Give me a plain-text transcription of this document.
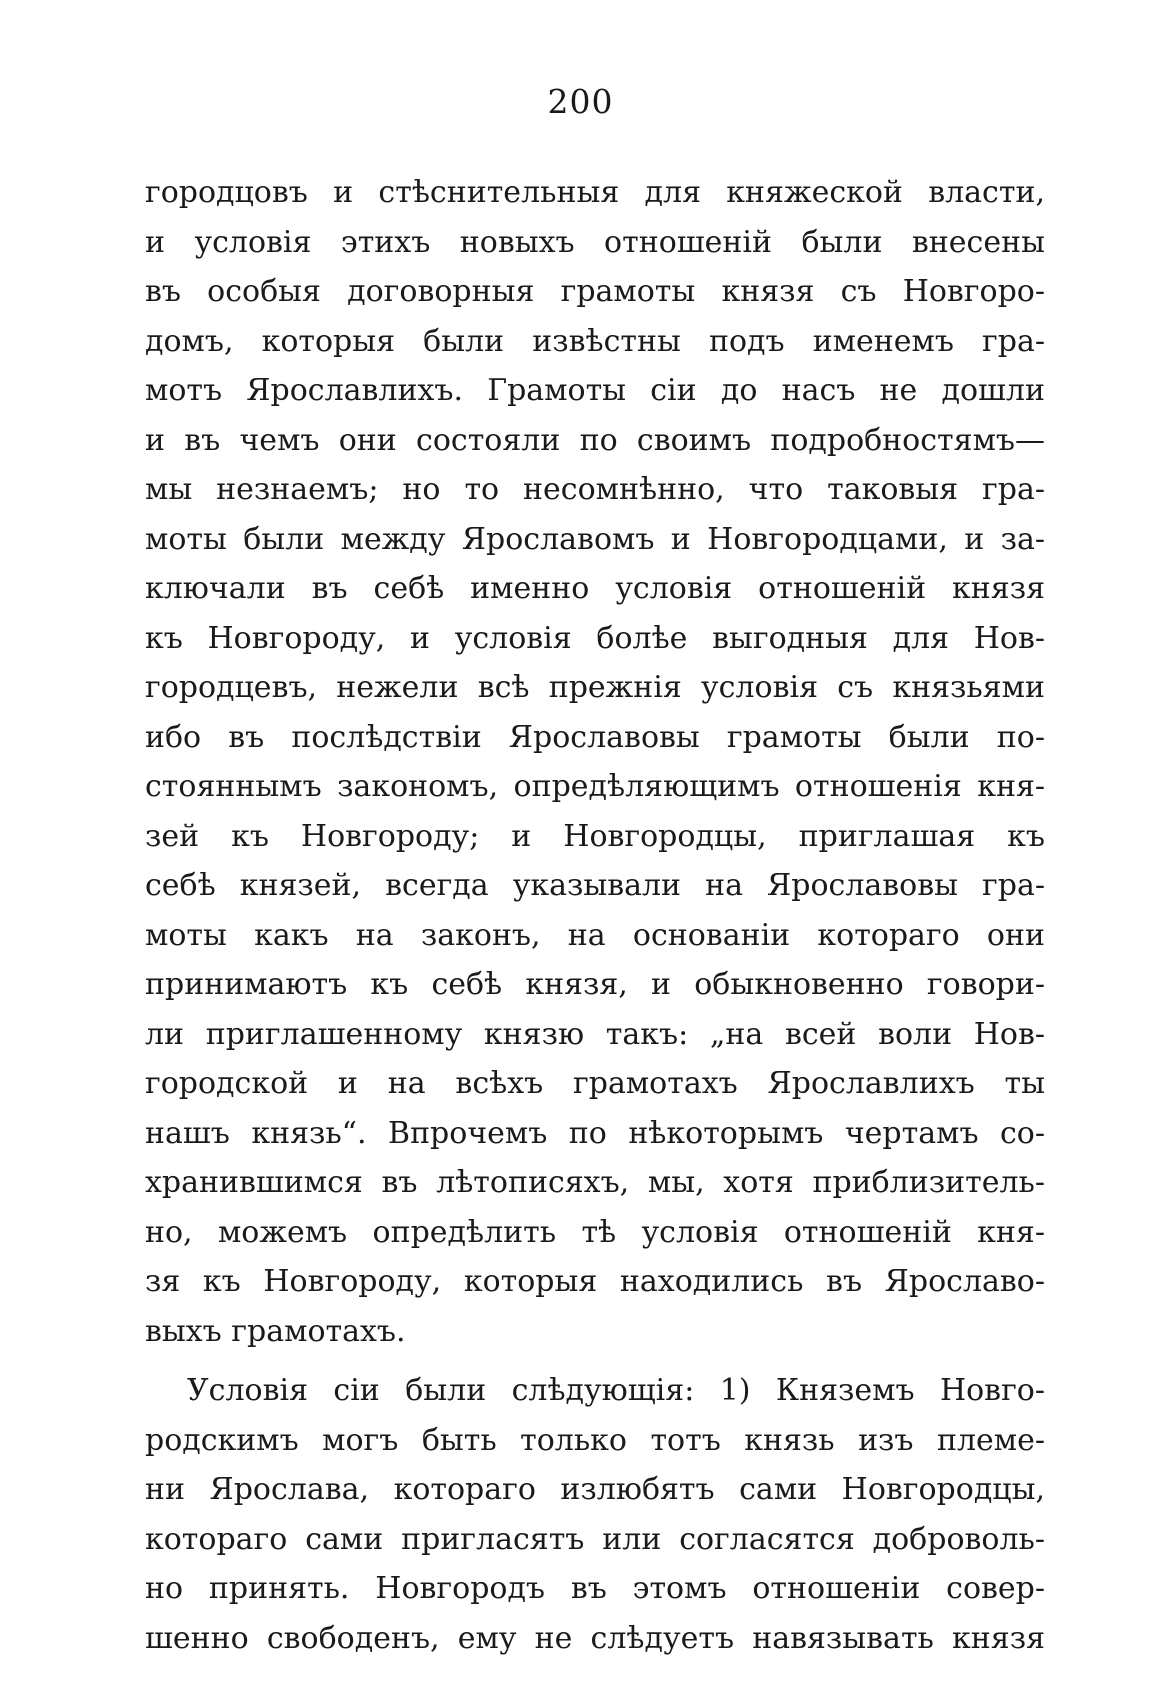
200
городцовъ и стѣснительныя для княжеской власти,
и условія этихъ новыхъ отношеній были внесены
въ особыя договорныя грамоты князя съ Новгоро-
домъ, которыя были извѣстны подъ именемъ гра-
мотъ Ярославлихъ. Грамоты сіи до насъ не дошли
и въ чемъ они состояли по своимъ подробностямъ—
мы незнаемъ; но то несомнѣнно, что таковыя гра-
моты были между Ярославомъ и Новгородцами, и за-
ключали въ себѣ именно условія отношеній князя
къ Новгороду, и условія болѣе выгодныя для Нов-
городцевъ, нежели всѣ прежнія условія съ князьями
ибо въ послѣдствіи Ярославовы грамоты были по-
стояннымъ закономъ, опредѣляющимъ отношенія кня-
зей къ Новгороду; и Новгородцы, приглашая къ
себѣ князей, всегда указывали на Ярославовы гра-
моты какъ на законъ, на основаніи котораго они
принимаютъ къ себѣ князя, и обыкновенно говори-
ли приглашенному князю такъ: „на всей воли Нов-
городской и на всѣхъ грамотахъ Ярославлихъ ты
нашъ князь“. Впрочемъ по нѣкоторымъ чертамъ со-
хранившимся въ лѣтописяхъ, мы, хотя приблизитель-
но, можемъ опредѣлить тѣ условія отношеній кня-
зя къ Новгороду, которыя находились въ Ярославо-
выхъ грамотахъ.
Условія сіи были слѣдующія: 1) Княземъ Новго-
родскимъ могъ быть только тотъ князь изъ племе-
ни Ярослава, котораго излюбятъ сами Новгородцы,
котораго сами пригласятъ или согласятся доброволь-
но принять. Новгородъ въ этомъ отношеніи совер-
шенно свободенъ, ему не слѣдуетъ навязывать князя
